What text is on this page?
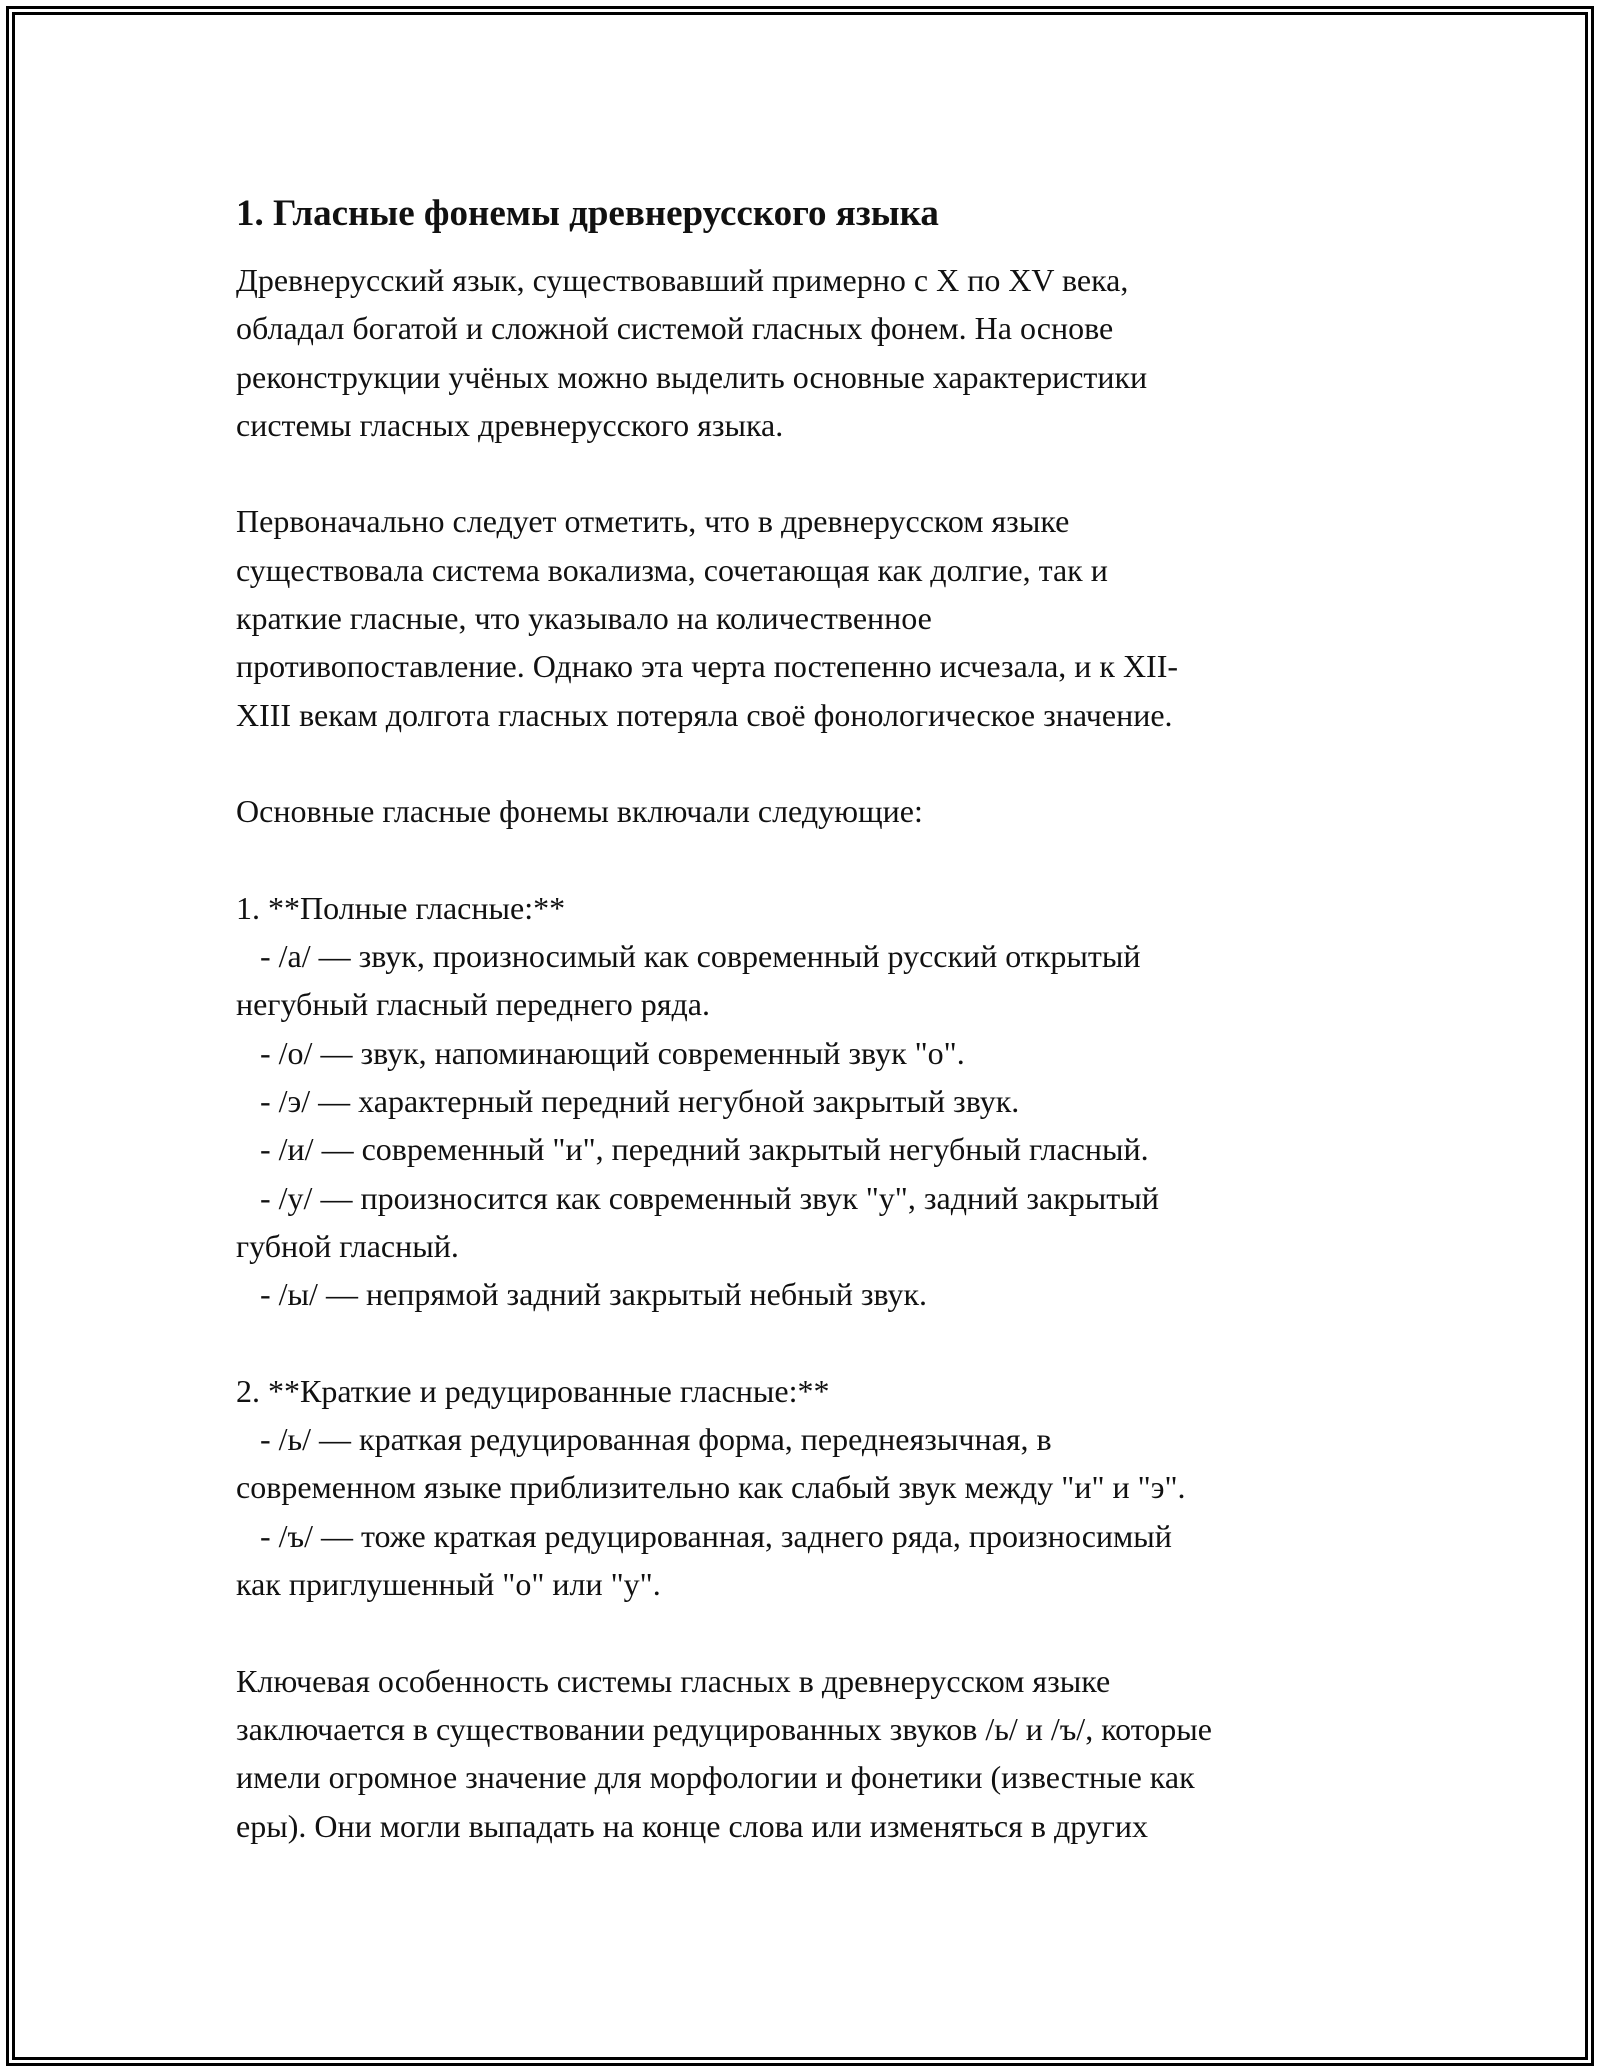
1. Гласные фонемы древнерусского языка
Древнерусский язык, существовавший примерно с X по XV века,
обладал богатой и сложной системой гласных фонем. На основе
реконструкции учёных можно выделить основные характеристики
системы гласных древнерусского языка.
Первоначально следует отметить, что в древнерусском языке
существовала система вокализма, сочетающая как долгие, так и
краткие гласные, что указывало на количественное
противопоставление. Однако эта черта постепенно исчезала, и к XII-
XIII векам долгота гласных потеряла своё фонологическое значение.
Основные гласные фонемы включали следующие:
1. **Полные гласные:**
- /а/ — звук, произносимый как современный русский открытый
негубный гласный переднего ряда.
- /о/ — звук, напоминающий современный звук "о".
- /э/ — характерный передний негубной закрытый звук.
- /и/ — современный "и", передний закрытый негубный гласный.
- /у/ — произносится как современный звук "у", задний закрытый
губной гласный.
- /ы/ — непрямой задний закрытый небный звук.
2. **Краткие и редуцированные гласные:**
- /ь/ — краткая редуцированная форма, переднеязычная, в
современном языке приблизительно как слабый звук между "и" и "э".
- /ъ/ — тоже краткая редуцированная, заднего ряда, произносимый
как приглушенный "о" или "у".
Ключевая особенность системы гласных в древнерусском языке
заключается в существовании редуцированных звуков /ь/ и /ъ/, которые
имели огромное значение для морфологии и фонетики (известные как
еры). Они могли выпадать на конце слова или изменяться в других
